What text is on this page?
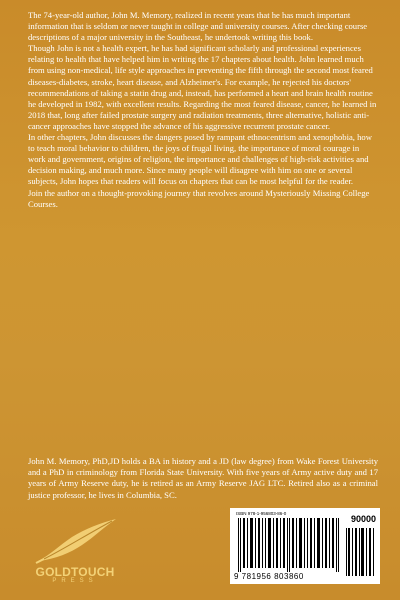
The 74-year-old author, John M. Memory, realized in recent years that he has much important information that is seldom or never taught in college and university courses. After checking course descriptions of a major university in the Southeast, he undertook writing this book.

Though John is not a health expert, he has had significant scholarly and professional experiences relating to health that have helped him in writing the 17 chapters about health. John learned much from using non-medical, life style approaches in preventing the fifth through the second most feared diseases-diabetes, stroke, heart disease, and Alzheimer's. For example, he rejected his doctors' recommendations of taking a statin drug and, instead, has performed a heart and brain health routine he developed in 1982, with excellent results. Regarding the most feared disease, cancer, he learned in 2018 that, long after failed prostate surgery and radiation treatments, three alternative, holistic anti-cancer approaches have stopped the advance of his aggressive recurrent prostate cancer.

In other chapters, John discusses the dangers posed by rampant ethnocentrism and xenophobia, how to teach moral behavior to children, the joys of frugal living, the importance of moral courage in work and government, origins of religion, the importance and challenges of high-risk activities and decision making, and much more. Since many people will disagree with him on one or several subjects, John hopes that readers will focus on chapters that can be most helpful for the reader.

Join the author on a thought-provoking journey that revolves around Mysteriously Missing College Courses.

John M. Memory, PhD,JD holds a BA in history and a JD (law degree) from Wake Forest University and a PhD in criminology from Florida State University. With five years of Army active duty and 17 years of Army Reserve duty, he is retired as an Army Reserve JAG LTC. Retired also as a criminal justice professor, he lives in Columbia, SC.
GOLDTOUCH
PRESS
ISBN 978-1-956803-86-0
90000
9 781956 803860
